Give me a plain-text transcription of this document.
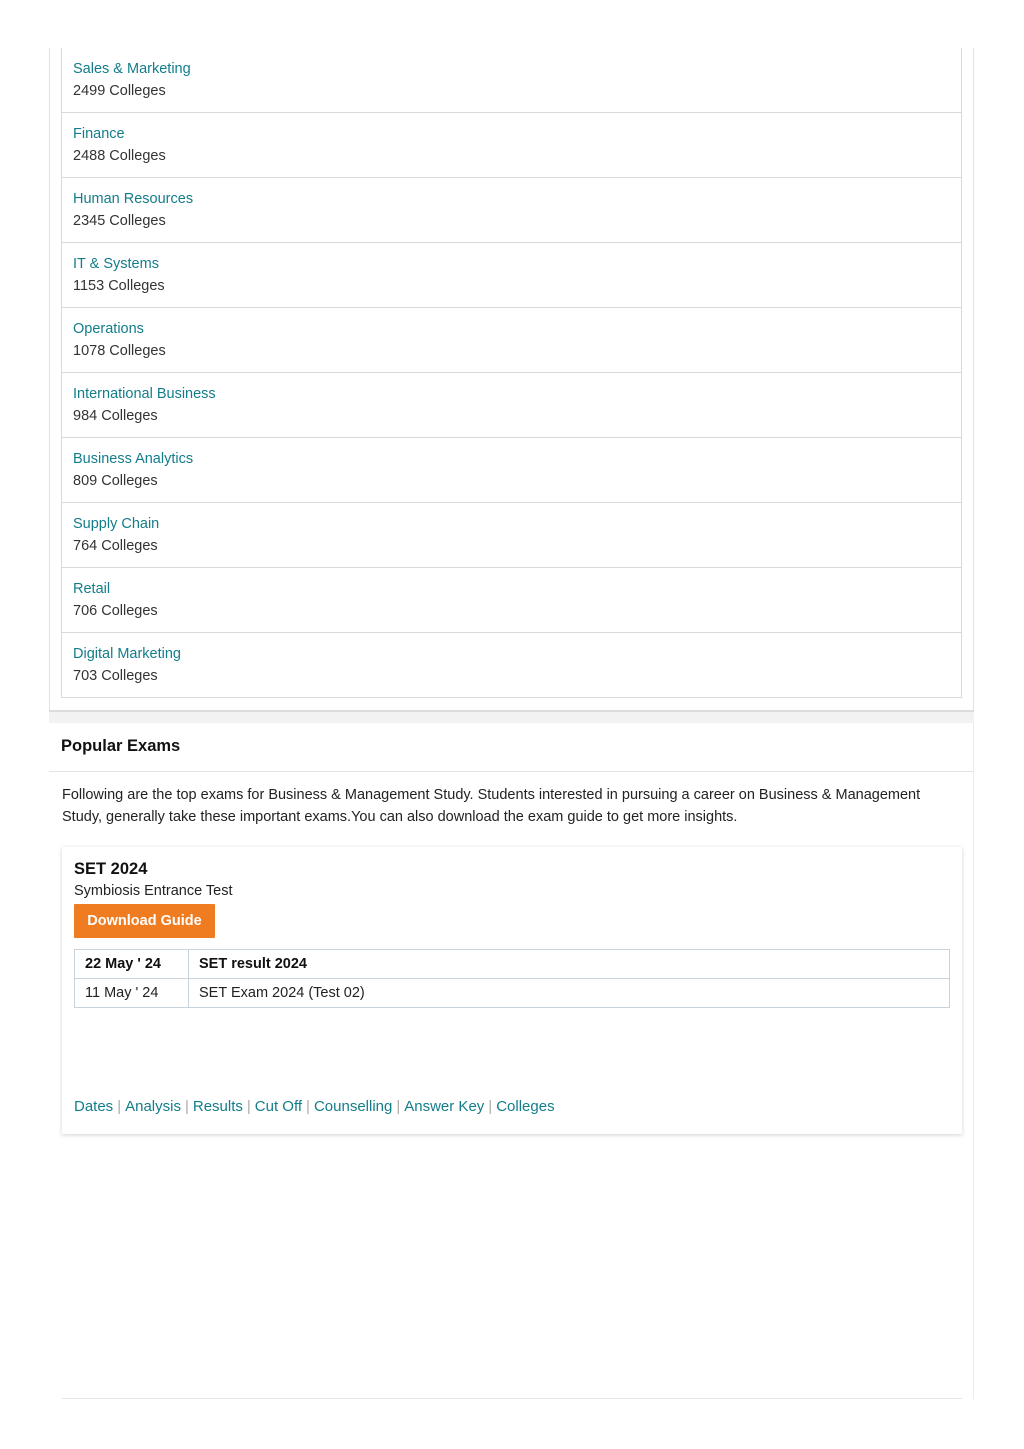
Sales & Marketing
2499 Colleges
Finance
2488 Colleges
Human Resources
2345 Colleges
IT & Systems
1153 Colleges
Operations
1078 Colleges
International Business
984 Colleges
Business Analytics
809 Colleges
Supply Chain
764 Colleges
Retail
706 Colleges
Digital Marketing
703 Colleges
Popular Exams
Following are the top exams for Business & Management Study. Students interested in pursuing a career on Business & Management Study, generally take these important exams.You can also download the exam guide to get more insights.
SET 2024
Symbiosis Entrance Test
Download Guide
22 May ' 24	SET result 2024
11 May ' 24	SET Exam 2024 (Test 02)
Dates | Analysis | Results | Cut Off | Counselling | Answer Key | Colleges
